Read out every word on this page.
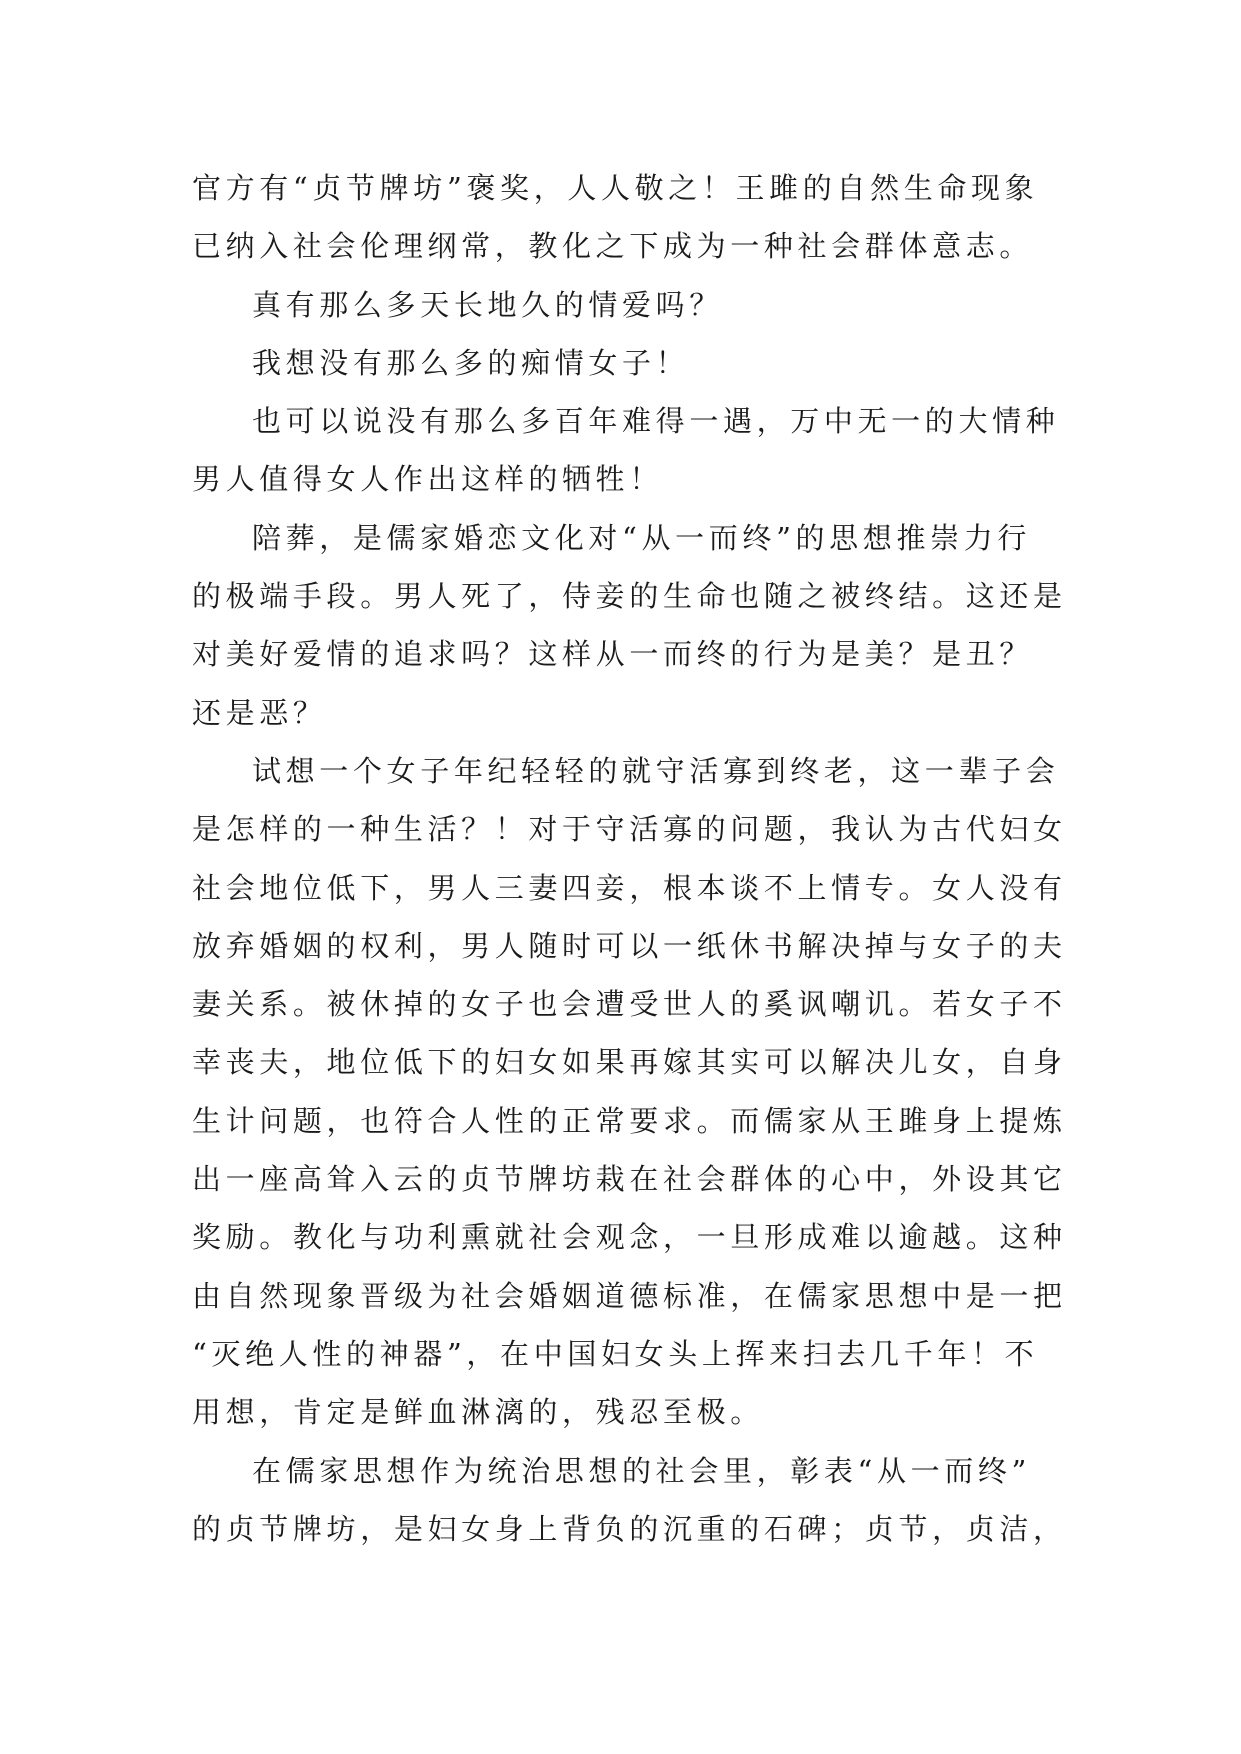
官方有“贞节牌坊”褒奖，人人敬之！王雎的自然生命现象
已纳入社会伦理纲常，教化之下成为一种社会群体意志。
真有那么多天长地久的情爱吗？
我想没有那么多的痴情女子！
也可以说没有那么多百年难得一遇，万中无一的大情种
男人值得女人作出这样的牺牲！
陪葬，是儒家婚恋文化对“从一而终”的思想推崇力行
的极端手段。男人死了，侍妾的生命也随之被终结。这还是
对美好爱情的追求吗？这样从一而终的行为是美？是丑？
还是恶？
试想一个女子年纪轻轻的就守活寡到终老，这一辈子会
是怎样的一种生活？！对于守活寡的问题，我认为古代妇女
社会地位低下，男人三妻四妾，根本谈不上情专。女人没有
放弃婚姻的权利，男人随时可以一纸休书解决掉与女子的夫
妻关系。被休掉的女子也会遭受世人的奚讽嘲讥。若女子不
幸丧夫，地位低下的妇女如果再嫁其实可以解决儿女，自身
生计问题，也符合人性的正常要求。而儒家从王雎身上提炼
出一座高耸入云的贞节牌坊栽在社会群体的心中，外设其它
奖励。教化与功利熏就社会观念，一旦形成难以逾越。这种
由自然现象晋级为社会婚姻道德标准，在儒家思想中是一把
“灭绝人性的神器”，在中国妇女头上挥来扫去几千年！不
用想，肯定是鲜血淋漓的，残忍至极。
在儒家思想作为统治思想的社会里，彰表“从一而终”
的贞节牌坊，是妇女身上背负的沉重的石碑；贞节，贞洁，
